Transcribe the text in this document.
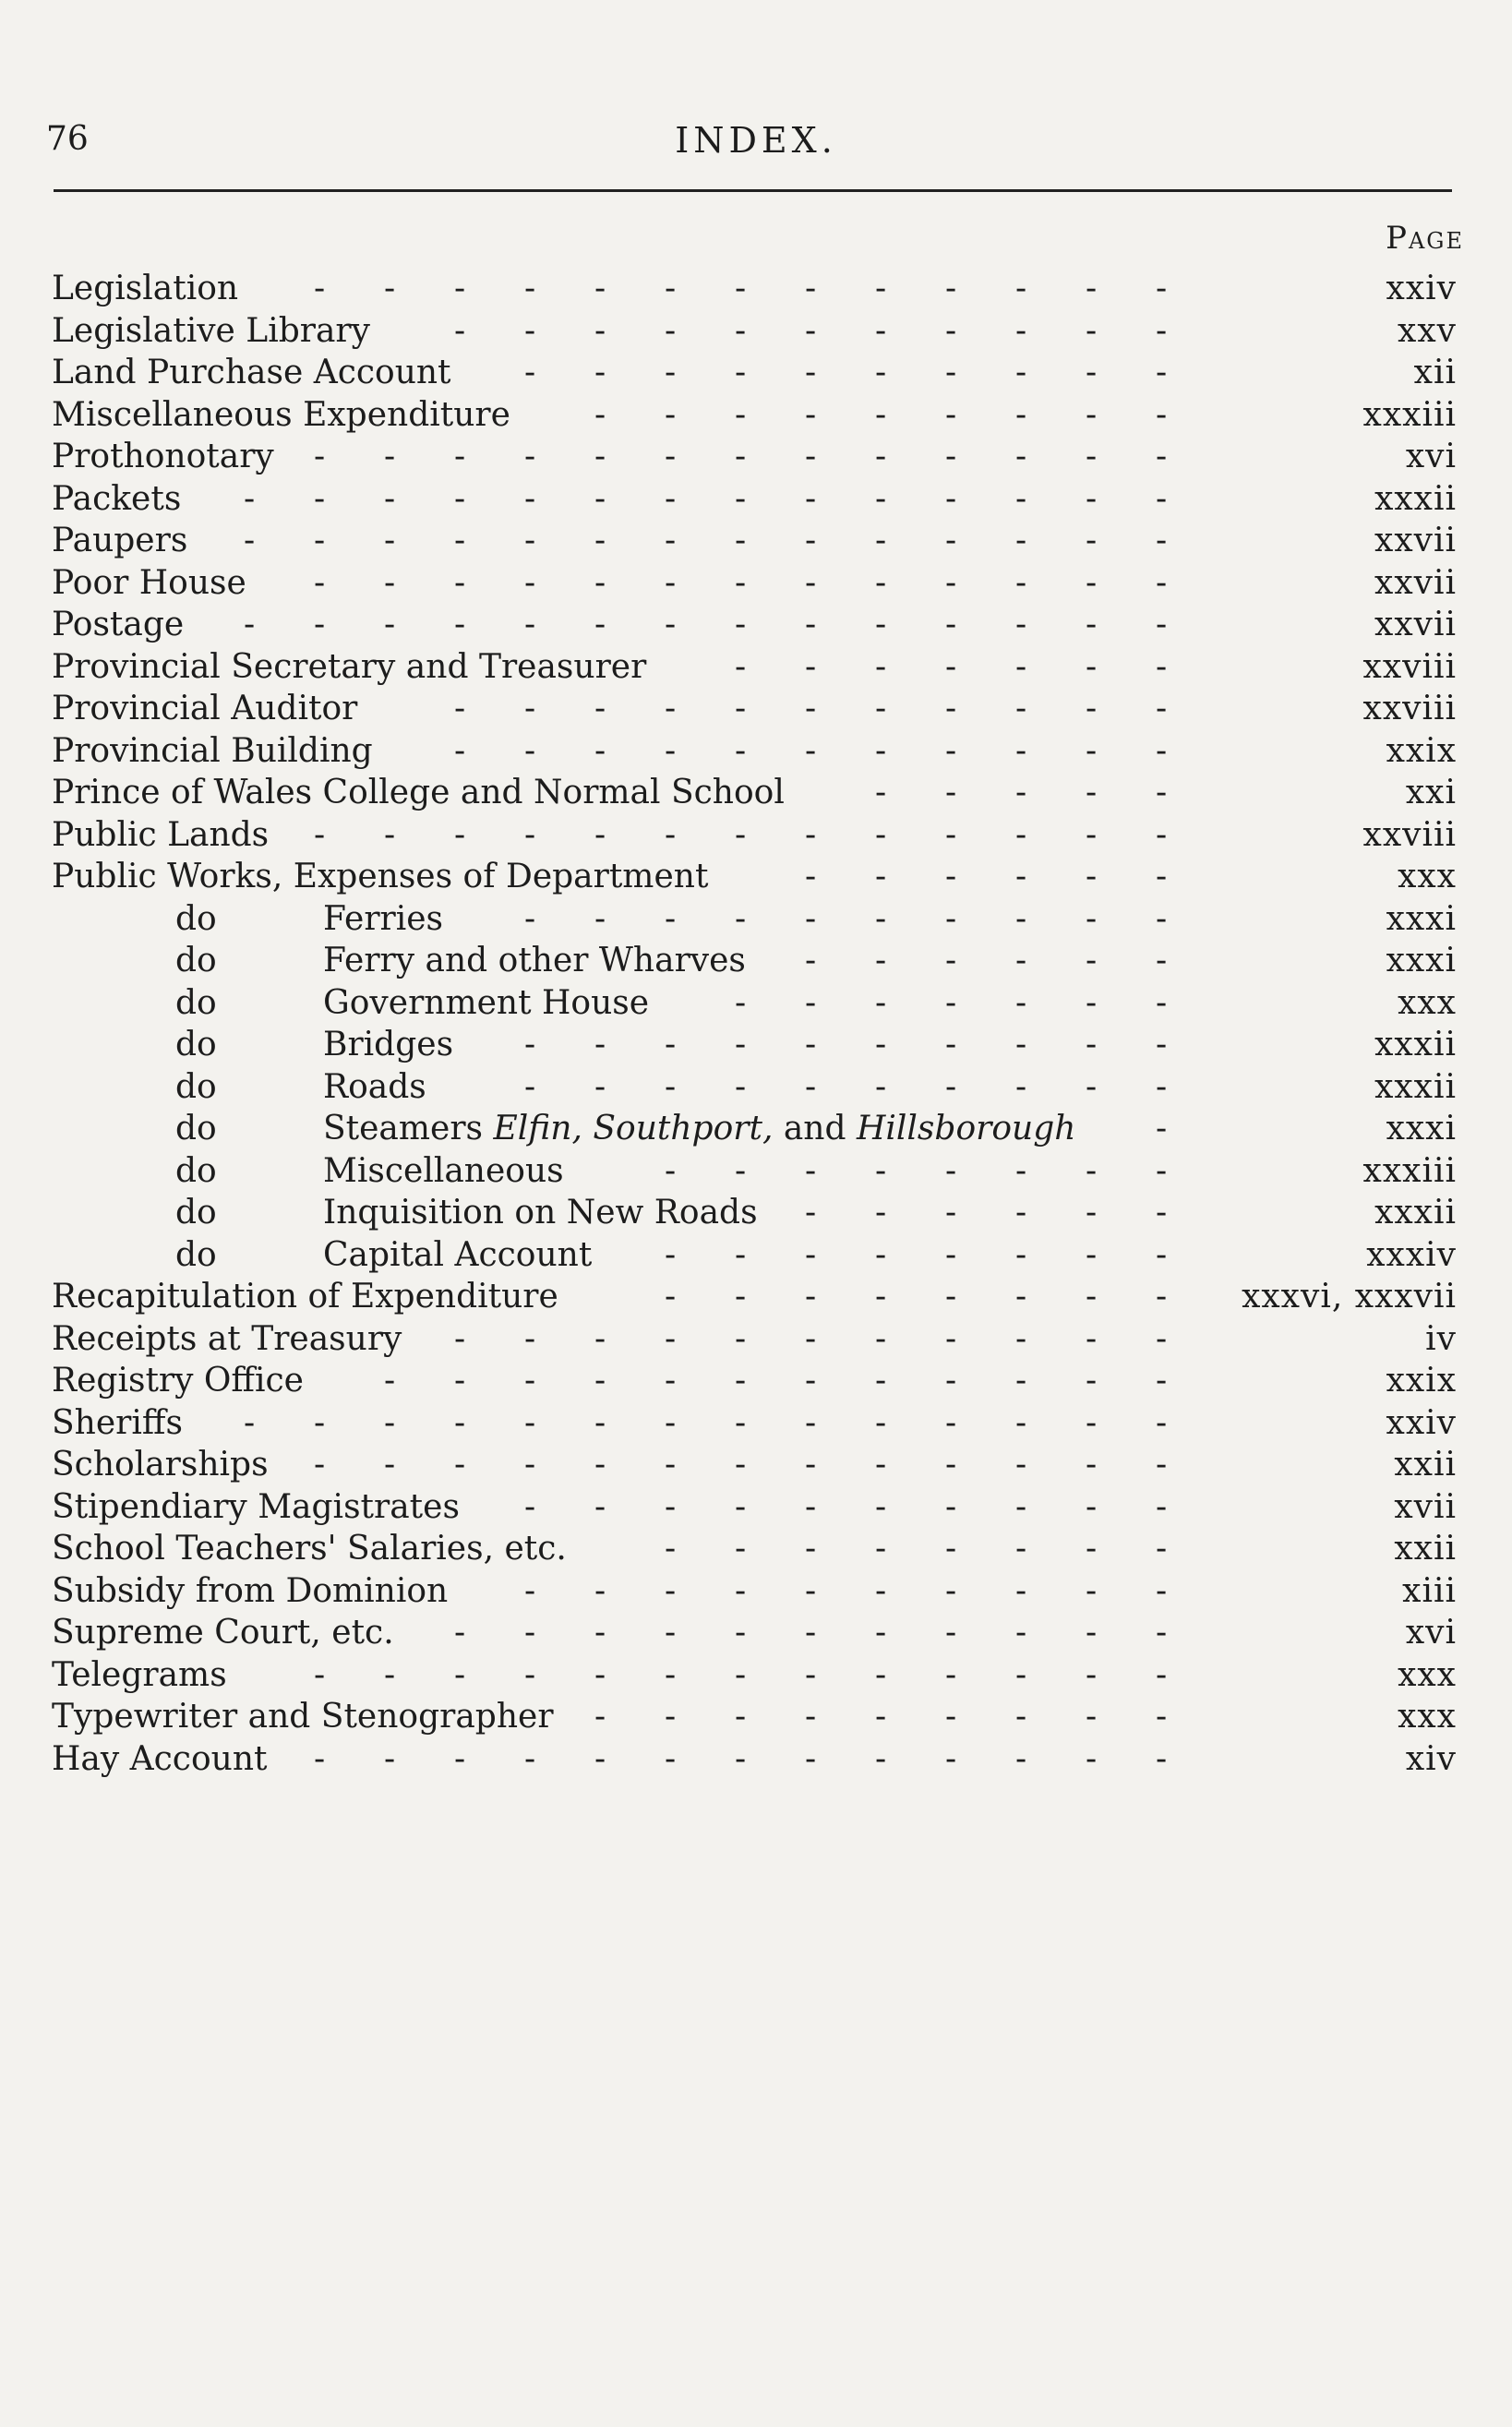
76	INDEX.
Page
Legislation	xxiv
- - - - - - - - - - - - -
Legislative Library	xxv
- - - - - - - - - - -
Land Purchase Account	xii
- - - - - - - - - -
Miscellaneous Expenditure	xxxiii
- - - - - - - - -
Prothonotary	xvi
- - - - - - - - - - - - -
Packets	xxxii
- - - - - - - - - - - - - -
Paupers	xxvii
- - - - - - - - - - - - - -
Poor House	xxvii
- - - - - - - - - - - - -
Postage	xxvii
- - - - - - - - - - - - - -
Provincial Secretary and Treasurer	xxviii
- - - - - - -
Provincial Auditor	xxviii
- - - - - - - - - - -
Provincial Building	xxix
- - - - - - - - - - -
Prince of Wales College and Normal School	xxi
- - - - -
Public Lands	xxviii
- - - - - - - - - - - - -
Public Works, Expenses of Department	xxx
- - - - - -
do	Ferries	xxxi
- - - - - - - - - -
do	Ferry and other Wharves	xxxi
- - - - - -
do	Government House	xxx
- - - - - - -
do	Bridges	xxxii
- - - - - - - - - -
do	Roads	xxxii
- - - - - - - - - -
do	Steamers Elfin, Southport, and Hillsborough	xxxi
-
do	Miscellaneous	xxxiii
- - - - - - - -
do	Inquisition on New Roads	xxxii
- - - - - -
do	Capital Account	xxxiv
- - - - - - - -
Recapitulation of Expenditure	xxxvi, xxxvii
- - - - - - - -
Receipts at Treasury	iv
- - - - - - - - - - -
Registry Office	xxix
- - - - - - - - - - - -
Sheriffs	xxiv
- - - - - - - - - - - - - -
Scholarships	xxii
- - - - - - - - - - - - -
Stipendiary Magistrates	xvii
- - - - - - - - - -
School Teachers' Salaries, etc.	xxii
- - - - - - - -
Subsidy from Dominion	xiii
- - - - - - - - - -
Supreme Court, etc.	xvi
- - - - - - - - - - -
Telegrams	xxx
- - - - - - - - - - - - -
Typewriter and Stenographer	xxx
- - - - - - - - -
Hay Account	xiv
- - - - - - - - - - - - -
